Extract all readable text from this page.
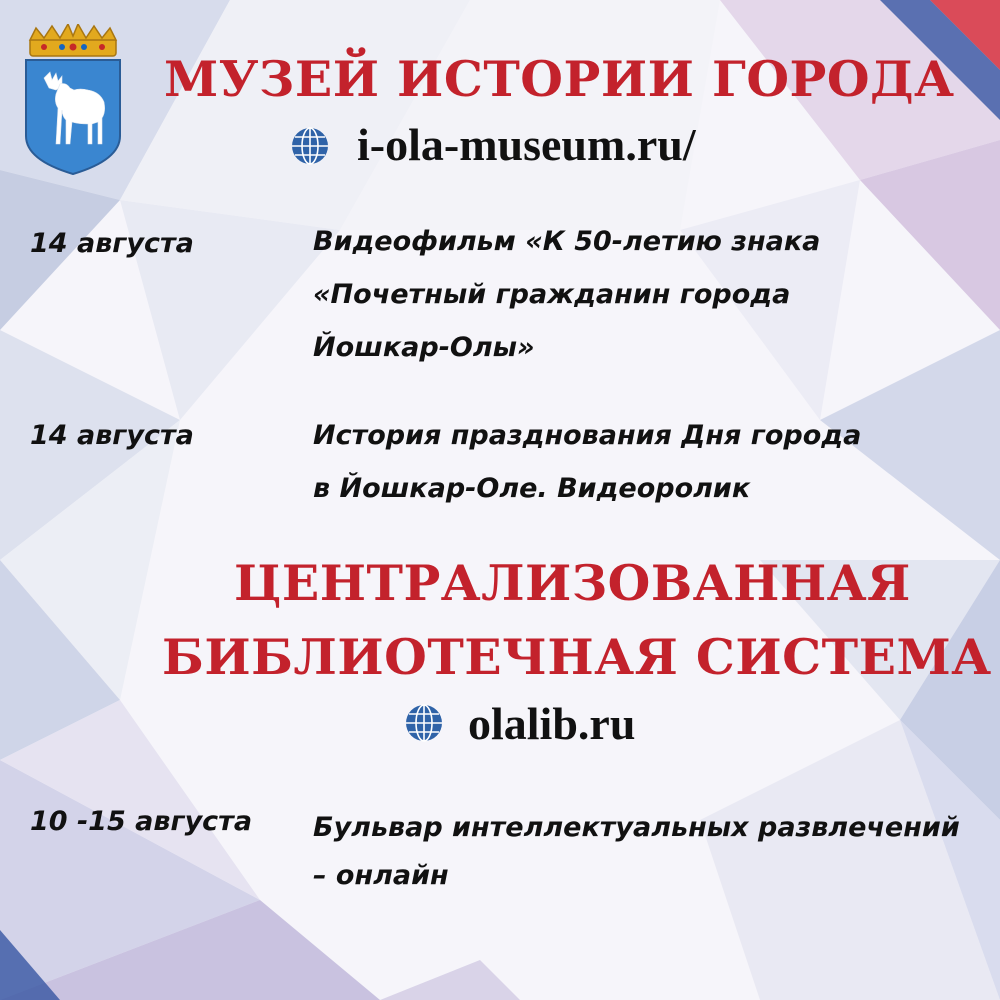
МУЗЕЙ ИСТОРИИ ГОРОДА
i-ola-museum.ru/
14 августа	Видеофильм «К 50-летию знака
«Почетный гражданин города
Йошкар-Олы»
14 августа	История празднования Дня города
в Йошкар-Оле. Видеоролик
ЦЕНТРАЛИЗОВАННАЯ
БИБЛИОТЕЧНАЯ СИСТЕМА
olalib.ru
10 -15 августа Бульвар интеллектуальных развлечений
– онлайн
